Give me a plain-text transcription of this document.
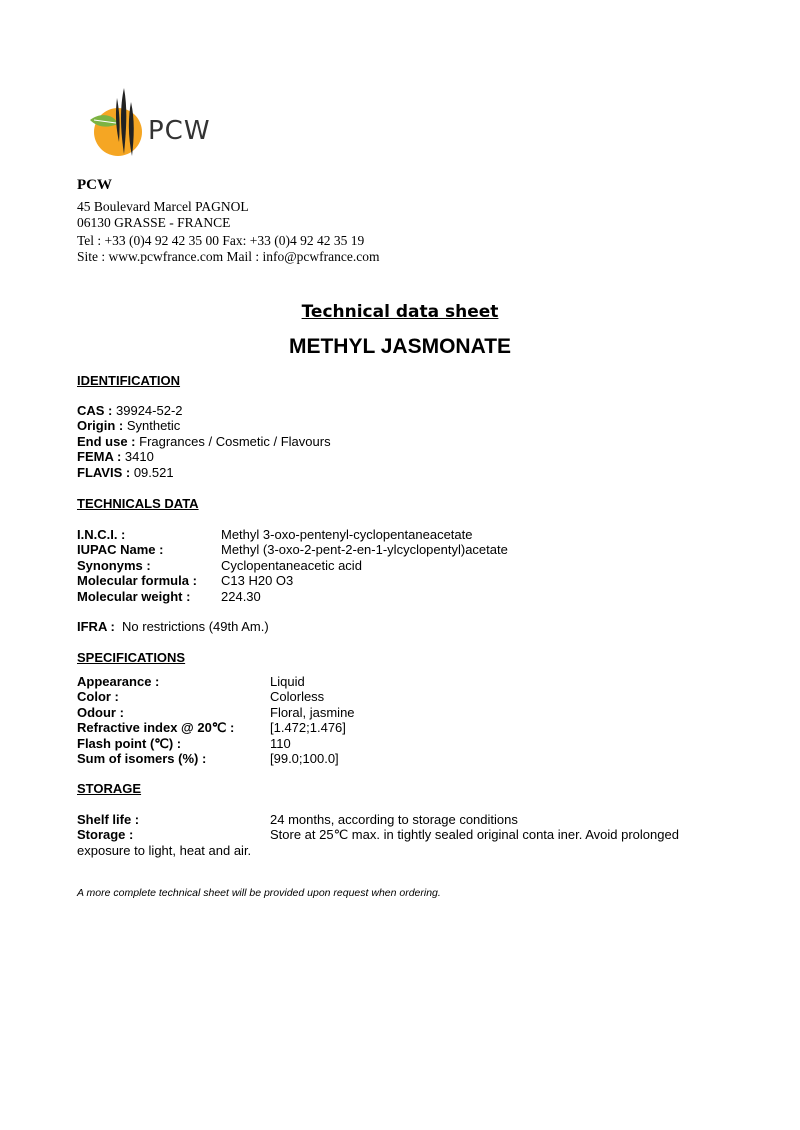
PCW
PCW
45 Boulevard Marcel PAGNOL
06130 GRASSE - FRANCE
Tel : +33 (0)4 92 42 35 00 Fax: +33 (0)4 92 42 35 19
Site : www.pcwfrance.com Mail : info@pcwfrance.com
Technical data sheet
METHYL JASMONATE
IDENTIFICATION
CAS : 39924-52-2
Origin : Synthetic
End use : Fragrances / Cosmetic / Flavours
FEMA : 3410
FLAVIS : 09.521
TECHNICALS DATA
I.N.C.I. :	Methyl 3-oxo-pentenyl-cyclopentaneacetate
IUPAC Name :	Methyl (3-oxo-2-pent-2-en-1-ylcyclopentyl)acetate
Synonyms :	Cyclopentaneacetic acid
Molecular formula : C13 H20 O3
Molecular weight : 224.30
IFRA :  No restrictions (49th Am.)
SPECIFICATIONS
Appearance :	Liquid
Color :	Colorless
Odour :	Floral, jasmine
Refractive index @ 20℃ :	[1.472;1.476]
Flash point (℃) :	110
Sum of isomers (%) :	[99.0;100.0]
STORAGE
Shelf life :	24 months, according to storage conditions
Storage :	Store at 25℃ max. in tightly sealed original conta iner. Avoid prolonged
exposure to light, heat and air.
A more complete technical sheet will be provided upon request when ordering.
